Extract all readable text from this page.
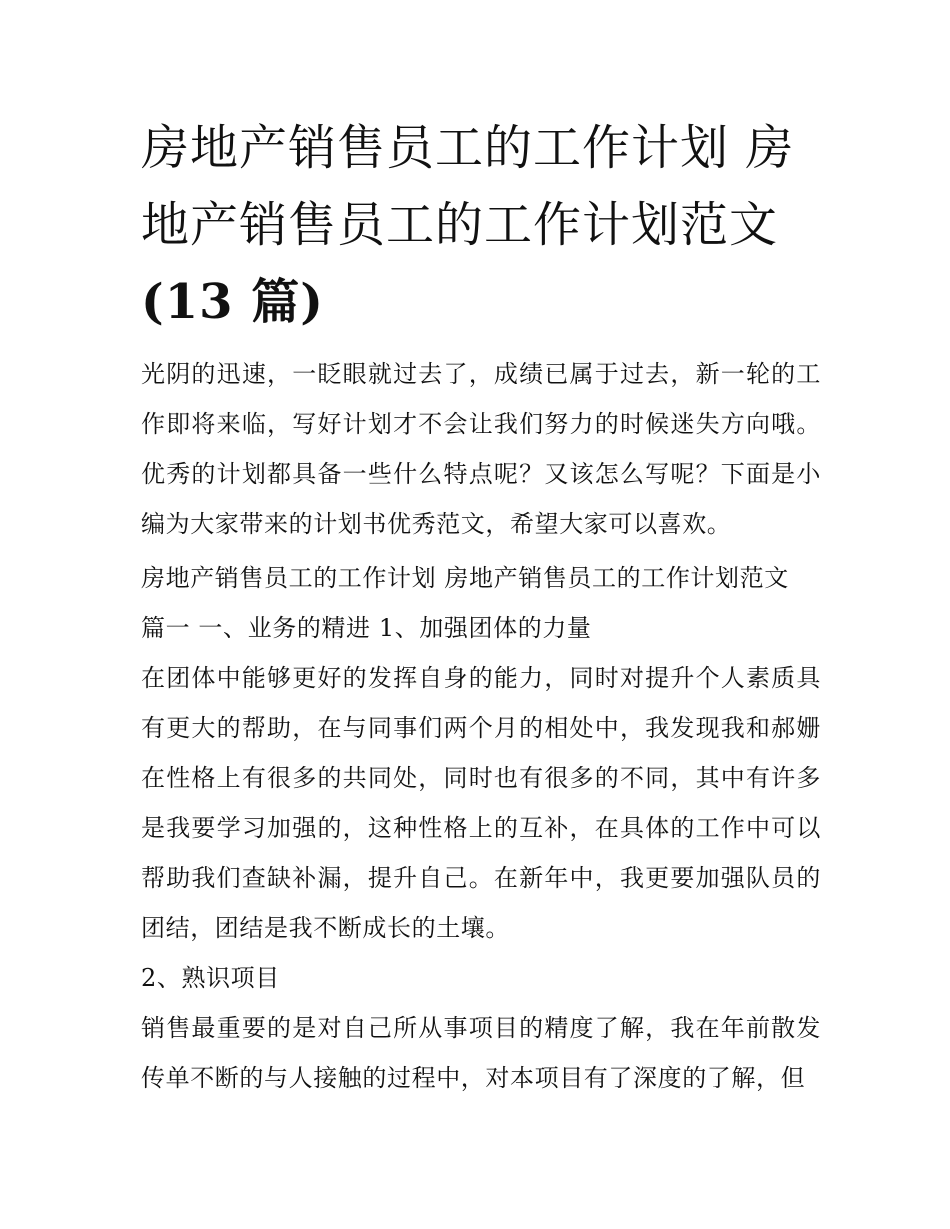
房地产销售员工的工作计划 房地产销售员工的工作计划范文
(13 篇)

光阴的迅速，一眨眼就过去了，成绩已属于过去，新一轮的工作即将来临，写好计划才不会让我们努力的时候迷失方向哦。优秀的计划都具备一些什么特点呢？又该怎么写呢？下面是小编为大家带来的计划书优秀范文，希望大家可以喜欢。

房地产销售员工的工作计划 房地产销售员工的工作计划范文

篇一 一、业务的精进 1、加强团体的力量

在团体中能够更好的发挥自身的能力，同时对提升个人素质具有更大的帮助，在与同事们两个月的相处中，我发现我和郝姗在性格上有很多的共同处，同时也有很多的不同，其中有许多是我要学习加强的，这种性格上的互补，在具体的工作中可以帮助我们查缺补漏，提升自己。在新年中，我更要加强队员的团结，团结是我不断成长的土壤。

2、熟识项目

销售最重要的是对自己所从事项目的精度了解，我在年前散发传单不断的与人接触的过程中，对本项目有了深度的了解，但
